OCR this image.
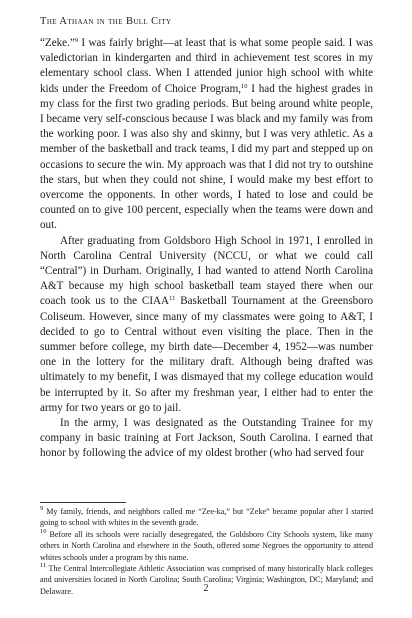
The Athaan in the Bull City

“Zeke.”$^9$ I was fairly bright—at least that is what some people said. I was valedictorian in kindergarten and third in achievement test scores in my elementary school class. When I attended junior high school with white kids under the Freedom of Choice Program,$^{10}$ I had the highest grades in my class for the first two grading periods. But being around white people, I became very self-conscious because I was black and my family was from the working poor. I was also shy and skinny, but I was very athletic. As a member of the basketball and track teams, I did my part and stepped up on occasions to secure the win. My approach was that I did not try to outshine the stars, but when they could not shine, I would make my best effort to overcome the opponents. In other words, I hated to lose and could be counted on to give 100 percent, especially when the teams were down and out.

After graduating from Goldsboro High School in 1971, I enrolled in North Carolina Central University (NCCU, or what we could call “Central”) in Durham. Originally, I had wanted to attend North Carolina A&T because my high school basketball team stayed there when our coach took us to the CIAA$^{11}$ Basketball Tournament at the Greensboro Coliseum. However, since many of my classmates were going to A&T, I decided to go to Central without even visiting the place. Then in the summer before college, my birth date—December 4, 1952—was number one in the lottery for the military draft. Although being drafted was ultimately to my benefit, I was dismayed that my college education would be interrupted by it. So after my freshman year, I either had to enter the army for two years or go to jail.

In the army, I was designated as the Outstanding Trainee for my company in basic training at Fort Jackson, South Carolina. I earned that honor by following the advice of my oldest brother (who had served four

$^9$ My family, friends, and neighbors called me “Zee-ka,” but “Zeke” became popular after I started going to school with whites in the seventh grade.

$^{10}$ Before all its schools were racially desegregated, the Goldsboro City Schools system, like many others in North Carolina and elsewhere in the South, offered some Negroes the opportunity to attend whites schools under a program by this name.

$^{11}$ The Central Intercollegiate Athletic Association was comprised of many historically black colleges and universities located in North Carolina; South Carolina; Virginia; Washington, DC; Maryland; and Delaware.	2
